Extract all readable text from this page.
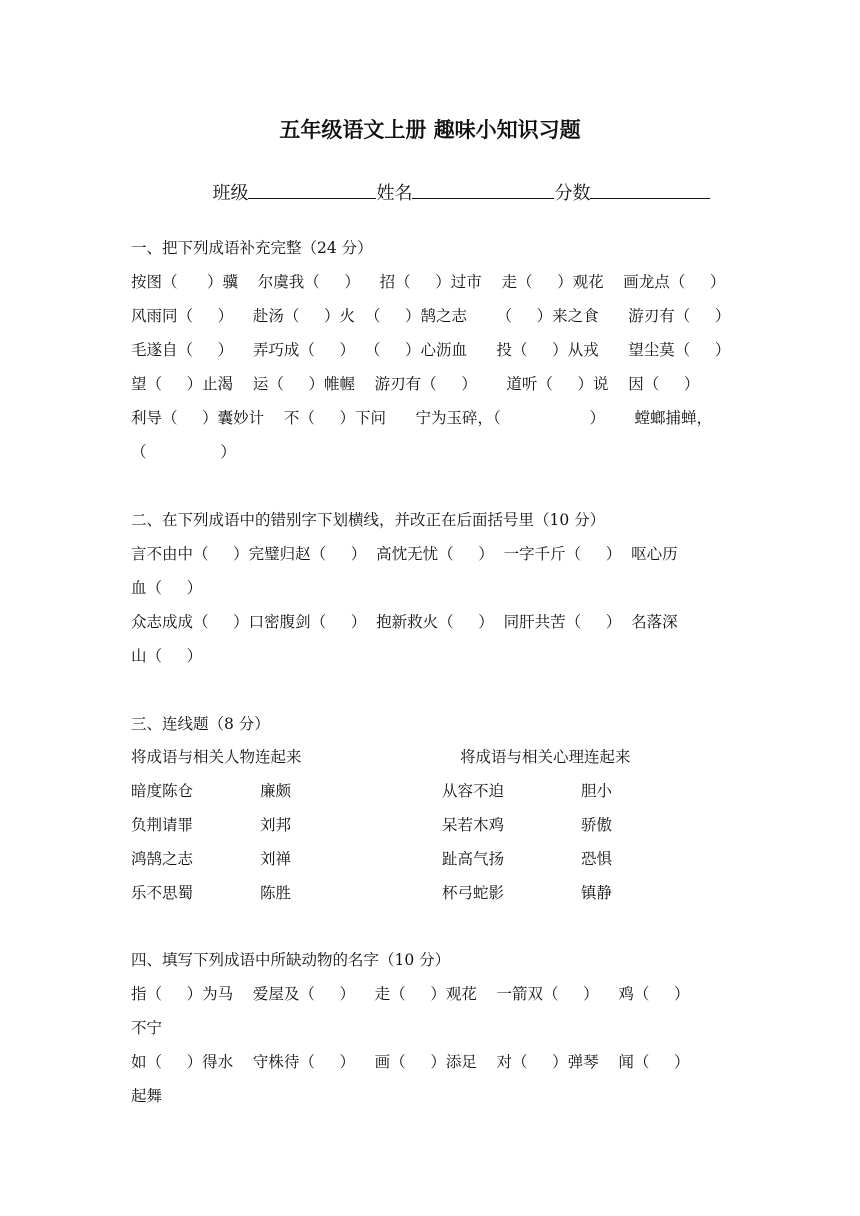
五年级语文上册 趣味小知识习题

班级	姓名	分数

一、把下列成语补充完整（24 分）
按图（      ）骥    尔虞我（     ）    招（     ）过市    走（     ）观花    画龙点（     ）
风雨同（     ）    赴汤（     ）火  （     ）鹄之志      （     ）来之食      游刃有（     ）
毛遂自（     ）    弄巧成（     ）  （     ）心沥血      投（     ）从戎      望尘莫（     ）
望（     ）止渴    运（     ）帷幄    游刃有（     ）      道听（     ）说    因（     ）
利导（     ）囊妙计    不（     ）下问      宁为玉碎，（                  ）      螳螂捕蝉，
（               ）
二、在下列成语中的错别字下划横线，并改正在后面括号里（10 分）
言不由中（     ）完璧归赵（     ）  高忱无忧（     ）  一字千斤（     ）  呕心历
血（     ）
众志成成（     ）口密腹剑（     ）  抱新救火（     ）  同肝共苦（     ）  名落深
山（     ）
三、连线题（8 分）
将成语与相关人物连起来	将成语与相关心理连起来
暗度陈仓	廉颇	从容不迫	胆小
负荆请罪	刘邦	呆若木鸡	骄傲
鸿鹄之志	刘禅	趾高气扬	恐惧
乐不思蜀	陈胜	杯弓蛇影	镇静
四、填写下列成语中所缺动物的名字（10 分）
指（     ）为马    爱屋及（     ）    走（     ）观花    一箭双（     ）    鸡（     ）
不宁
如（     ）得水    守株待（     ）    画（     ）添足    对（     ）弹琴    闻（     ）
起舞
